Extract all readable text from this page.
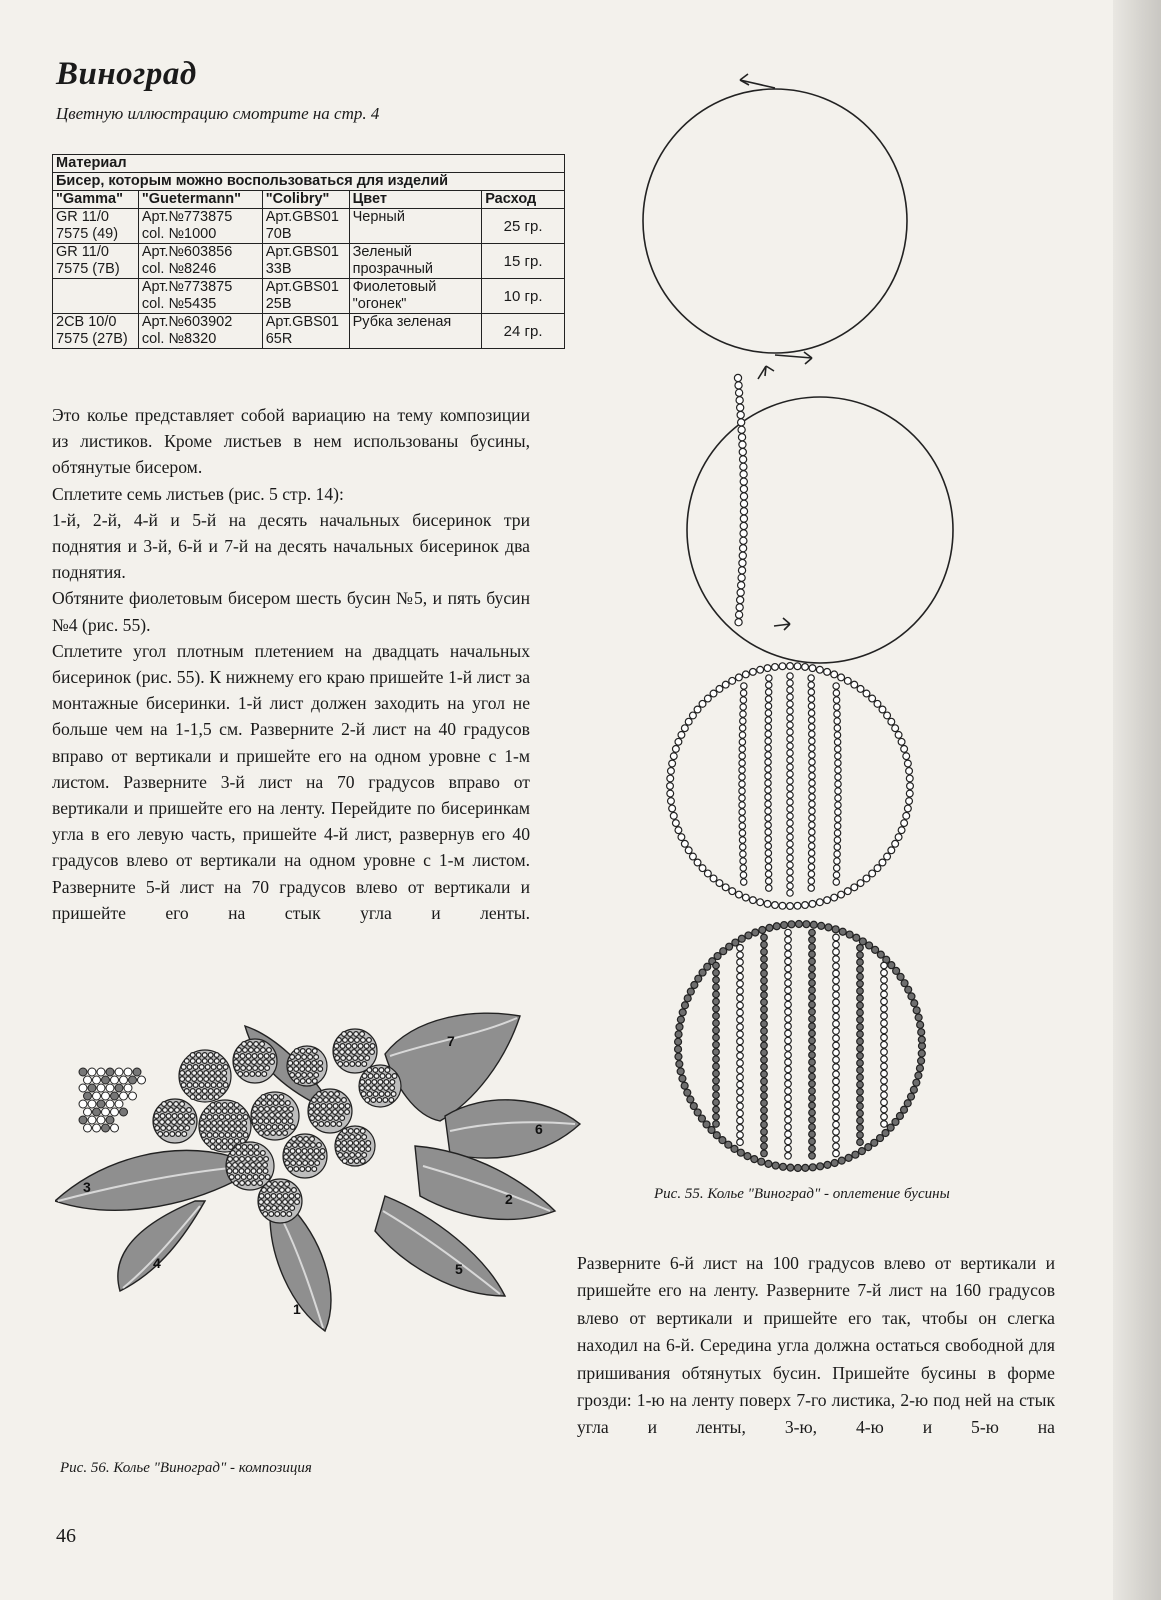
Виноград

Цветную иллюстрацию смотрите на стр. 4

Материал				
Бисер, которым можно воспользоваться для изделий				
"Gamma"	"Guetermann"	"Colibry"	Цвет	Расход
GR 11/0 7575 (49)	Арт.№773875 col. №1000	Арт.GBS01 70В	Черный	25 гр.
GR 11/0 7575 (7В)	Арт.№603856 col. №8246	Арт.GBS01 33В	Зеленый прозрачный	15 гр.
	Арт.№773875 col. №5435	Арт.GBS01 25В	Фиолетовый "огонек"	10 гр.
2CB 10/0 7575 (27В)	Арт.№603902 col. №8320	Арт.GBS01 65R	Рубка зеленая	24 гр.

Это колье представляет собой вариацию на тему композиции из листиков. Кроме листьев в нем использованы бусины, обтянутые бисером.

Сплетите семь листьев (рис. 5 стр. 14):

1-й, 2-й, 4-й и 5-й на десять начальных бисеринок три поднятия и 3-й, 6-й и 7-й на десять начальных бисеринок два поднятия.

Обтяните фиолетовым бисером шесть бусин №5, и пять бусин №4 (рис. 55).

Сплетите угол плотным плетением на двадцать начальных бисеринок (рис. 55). К нижнему его краю пришейте 1-й лист за монтажные бисеринки. 1-й лист должен заходить на угол не больше чем на 1-1,5 см. Разверните 2-й лист на 40 градусов вправо от вертикали и пришейте его на одном уровне с 1-м листом. Разверните 3-й лист на 70 градусов вправо от вертикали и пришейте его на ленту. Перейдите по бисеринкам угла в его левую часть, пришейте 4-й лист, развернув его 40 градусов влево от вертикали на одном уровне с 1-м листом. Разверните 5-й лист на 70 градусов влево от вертикали и пришейте его на стык угла и ленты.

Рис. 55. Колье "Виноград" - оплетение бусины

7
6
2
5
1
4
3

Рис. 56. Колье "Виноград" - композиция

Разверните 6-й лист на 100 градусов влево от вертикали и пришейте его на ленту. Разверните 7-й лист на 160 градусов влево от вертикали и пришейте его так, чтобы он слегка находил на 6-й. Середина угла должна остаться свободной для пришивания обтянутых бусин. Пришейте бусины в форме грозди: 1-ю на ленту поверх 7-го листика, 2-ю под ней на стык угла и ленты, 3-ю, 4-ю и 5-ю на

46
